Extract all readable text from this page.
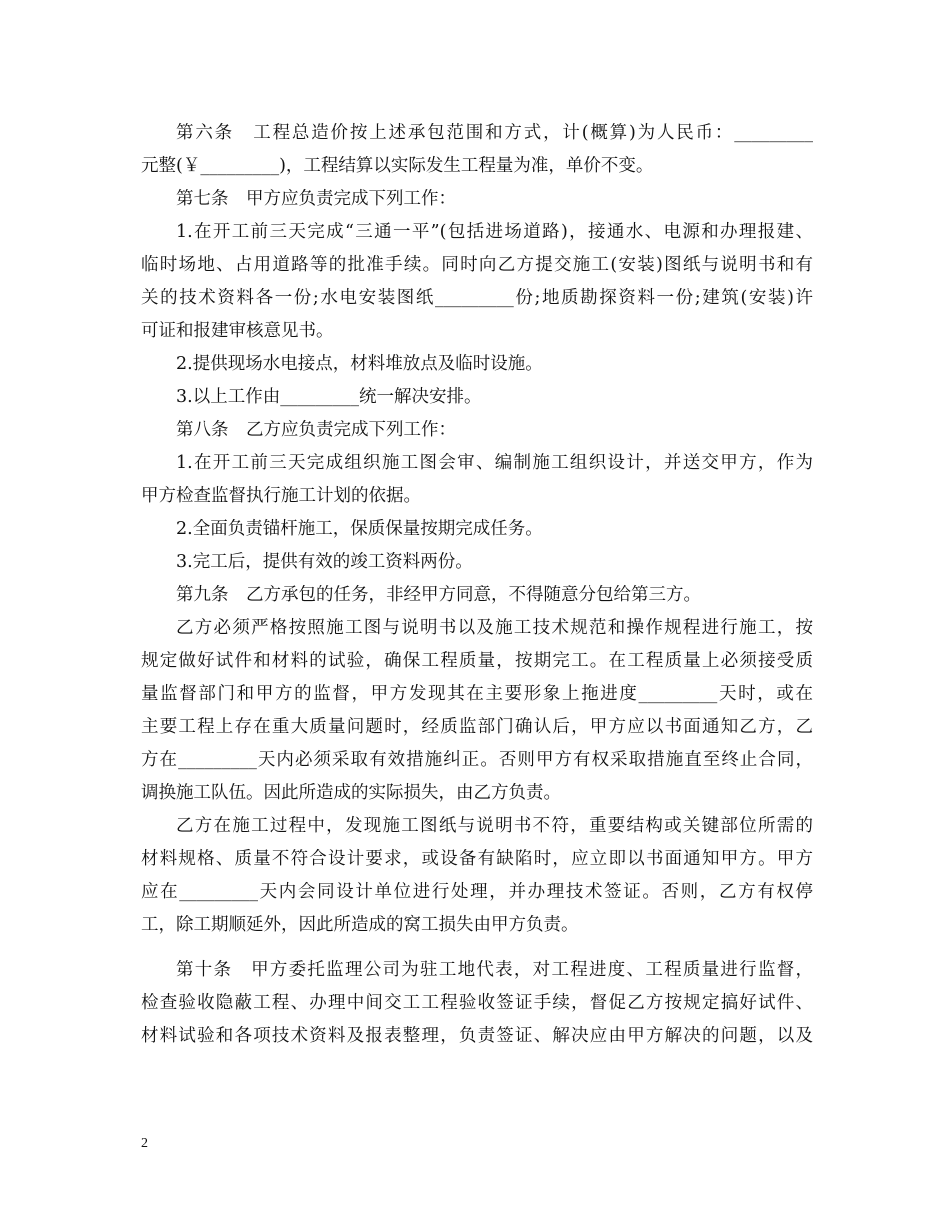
第六条　工程总造价按上述承包范围和方式，计(概算)为人民币：_________
元整(￥_________)，工程结算以实际发生工程量为准，单价不变。
第七条　甲方应负责完成下列工作：
1.在开工前三天完成“三通一平”(包括进场道路)，接通水、电源和办理报建、
临时场地、占用道路等的批准手续。同时向乙方提交施工(安装)图纸与说明书和有
关的技术资料各一份;水电安装图纸_________份;地质勘探资料一份;建筑(安装)许
可证和报建审核意见书。
2.提供现场水电接点，材料堆放点及临时设施。
3.以上工作由_________统一解决安排。
第八条　乙方应负责完成下列工作：
1.在开工前三天完成组织施工图会审、编制施工组织设计，并送交甲方，作为
甲方检查监督执行施工计划的依据。
2.全面负责锚杆施工，保质保量按期完成任务。
3.完工后，提供有效的竣工资料两份。
第九条　乙方承包的任务，非经甲方同意，不得随意分包给第三方。
乙方必须严格按照施工图与说明书以及施工技术规范和操作规程进行施工，按
规定做好试件和材料的试验，确保工程质量，按期完工。在工程质量上必须接受质
量监督部门和甲方的监督，甲方发现其在主要形象上拖进度_________天时，或在
主要工程上存在重大质量问题时，经质监部门确认后，甲方应以书面通知乙方，乙
方在_________天内必须采取有效措施纠正。否则甲方有权采取措施直至终止合同，
调换施工队伍。因此所造成的实际损失，由乙方负责。
乙方在施工过程中，发现施工图纸与说明书不符，重要结构或关键部位所需的
材料规格、质量不符合设计要求，或设备有缺陷时，应立即以书面通知甲方。甲方
应在_________天内会同设计单位进行处理，并办理技术签证。否则，乙方有权停
工，除工期顺延外，因此所造成的窝工损失由甲方负责。
第十条　甲方委托监理公司为驻工地代表，对工程进度、工程质量进行监督，
检查验收隐蔽工程、办理中间交工工程验收签证手续，督促乙方按规定搞好试件、
材料试验和各项技术资料及报表整理，负责签证、解决应由甲方解决的问题，以及
2
